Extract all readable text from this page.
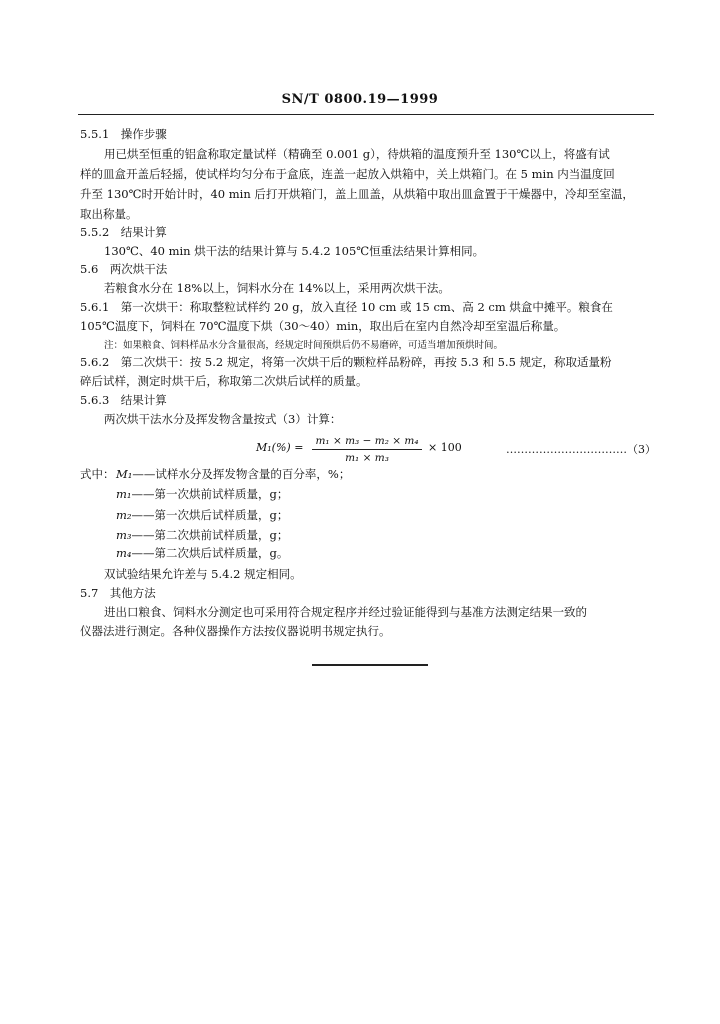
SN/T 0800.19—1999
5.5.1　操作步骤
用已烘至恒重的铝盒称取定量试样（精确至 0.001 g），待烘箱的温度预升至 130℃以上，将盛有试
样的皿盒开盖后轻摇，使试样均匀分布于盒底，连盖一起放入烘箱中，关上烘箱门。在 5 min 内当温度回
升至 130℃时开始计时，40 min 后打开烘箱门，盖上皿盖，从烘箱中取出皿盒置于干燥器中，冷却至室温，
取出称量。
5.5.2　结果计算
130℃、40 min 烘干法的结果计算与 5.4.2 105℃恒重法结果计算相同。
5.6　两次烘干法
若粮食水分在 18%以上，饲料水分在 14%以上，采用两次烘干法。
5.6.1　第一次烘干：称取整粒试样约 20 g，放入直径 10 cm 或 15 cm、高 2 cm 烘盒中摊平。粮食在
105℃温度下，饲料在 70℃温度下烘（30～40）min，取出后在室内自然冷却至室温后称量。
注：如果粮食、饲料样品水分含量很高，经规定时间预烘后仍不易磨碎，可适当增加预烘时间。
5.6.2　第二次烘干：按 5.2 规定，将第一次烘干后的颗粒样品粉碎，再按 5.3 和 5.5 规定，称取适量粉
碎后试样，测定时烘干后，称取第二次烘后试样的质量。
5.6.3　结果计算
两次烘干法水分及挥发物含量按式（3）计算：
$M_1(\%) = \frac{\text{m₁ × m₃ − m₂ × m₄}}{\text{m₁ × m₃}} \times 100$	……………………………（3）
式中： M₁——试样水分及挥发物含量的百分率，%；
m₁——第一次烘前试样质量，g；
m₂——第一次烘后试样质量，g；
m₃——第二次烘前试样质量，g；
m₄——第二次烘后试样质量，g。
双试验结果允许差与 5.4.2 规定相同。
5.7　其他方法
进出口粮食、饲料水分测定也可采用符合规定程序并经过验证能得到与基准方法测定结果一致的
仪器法进行测定。各种仪器操作方法按仪器说明书规定执行。
